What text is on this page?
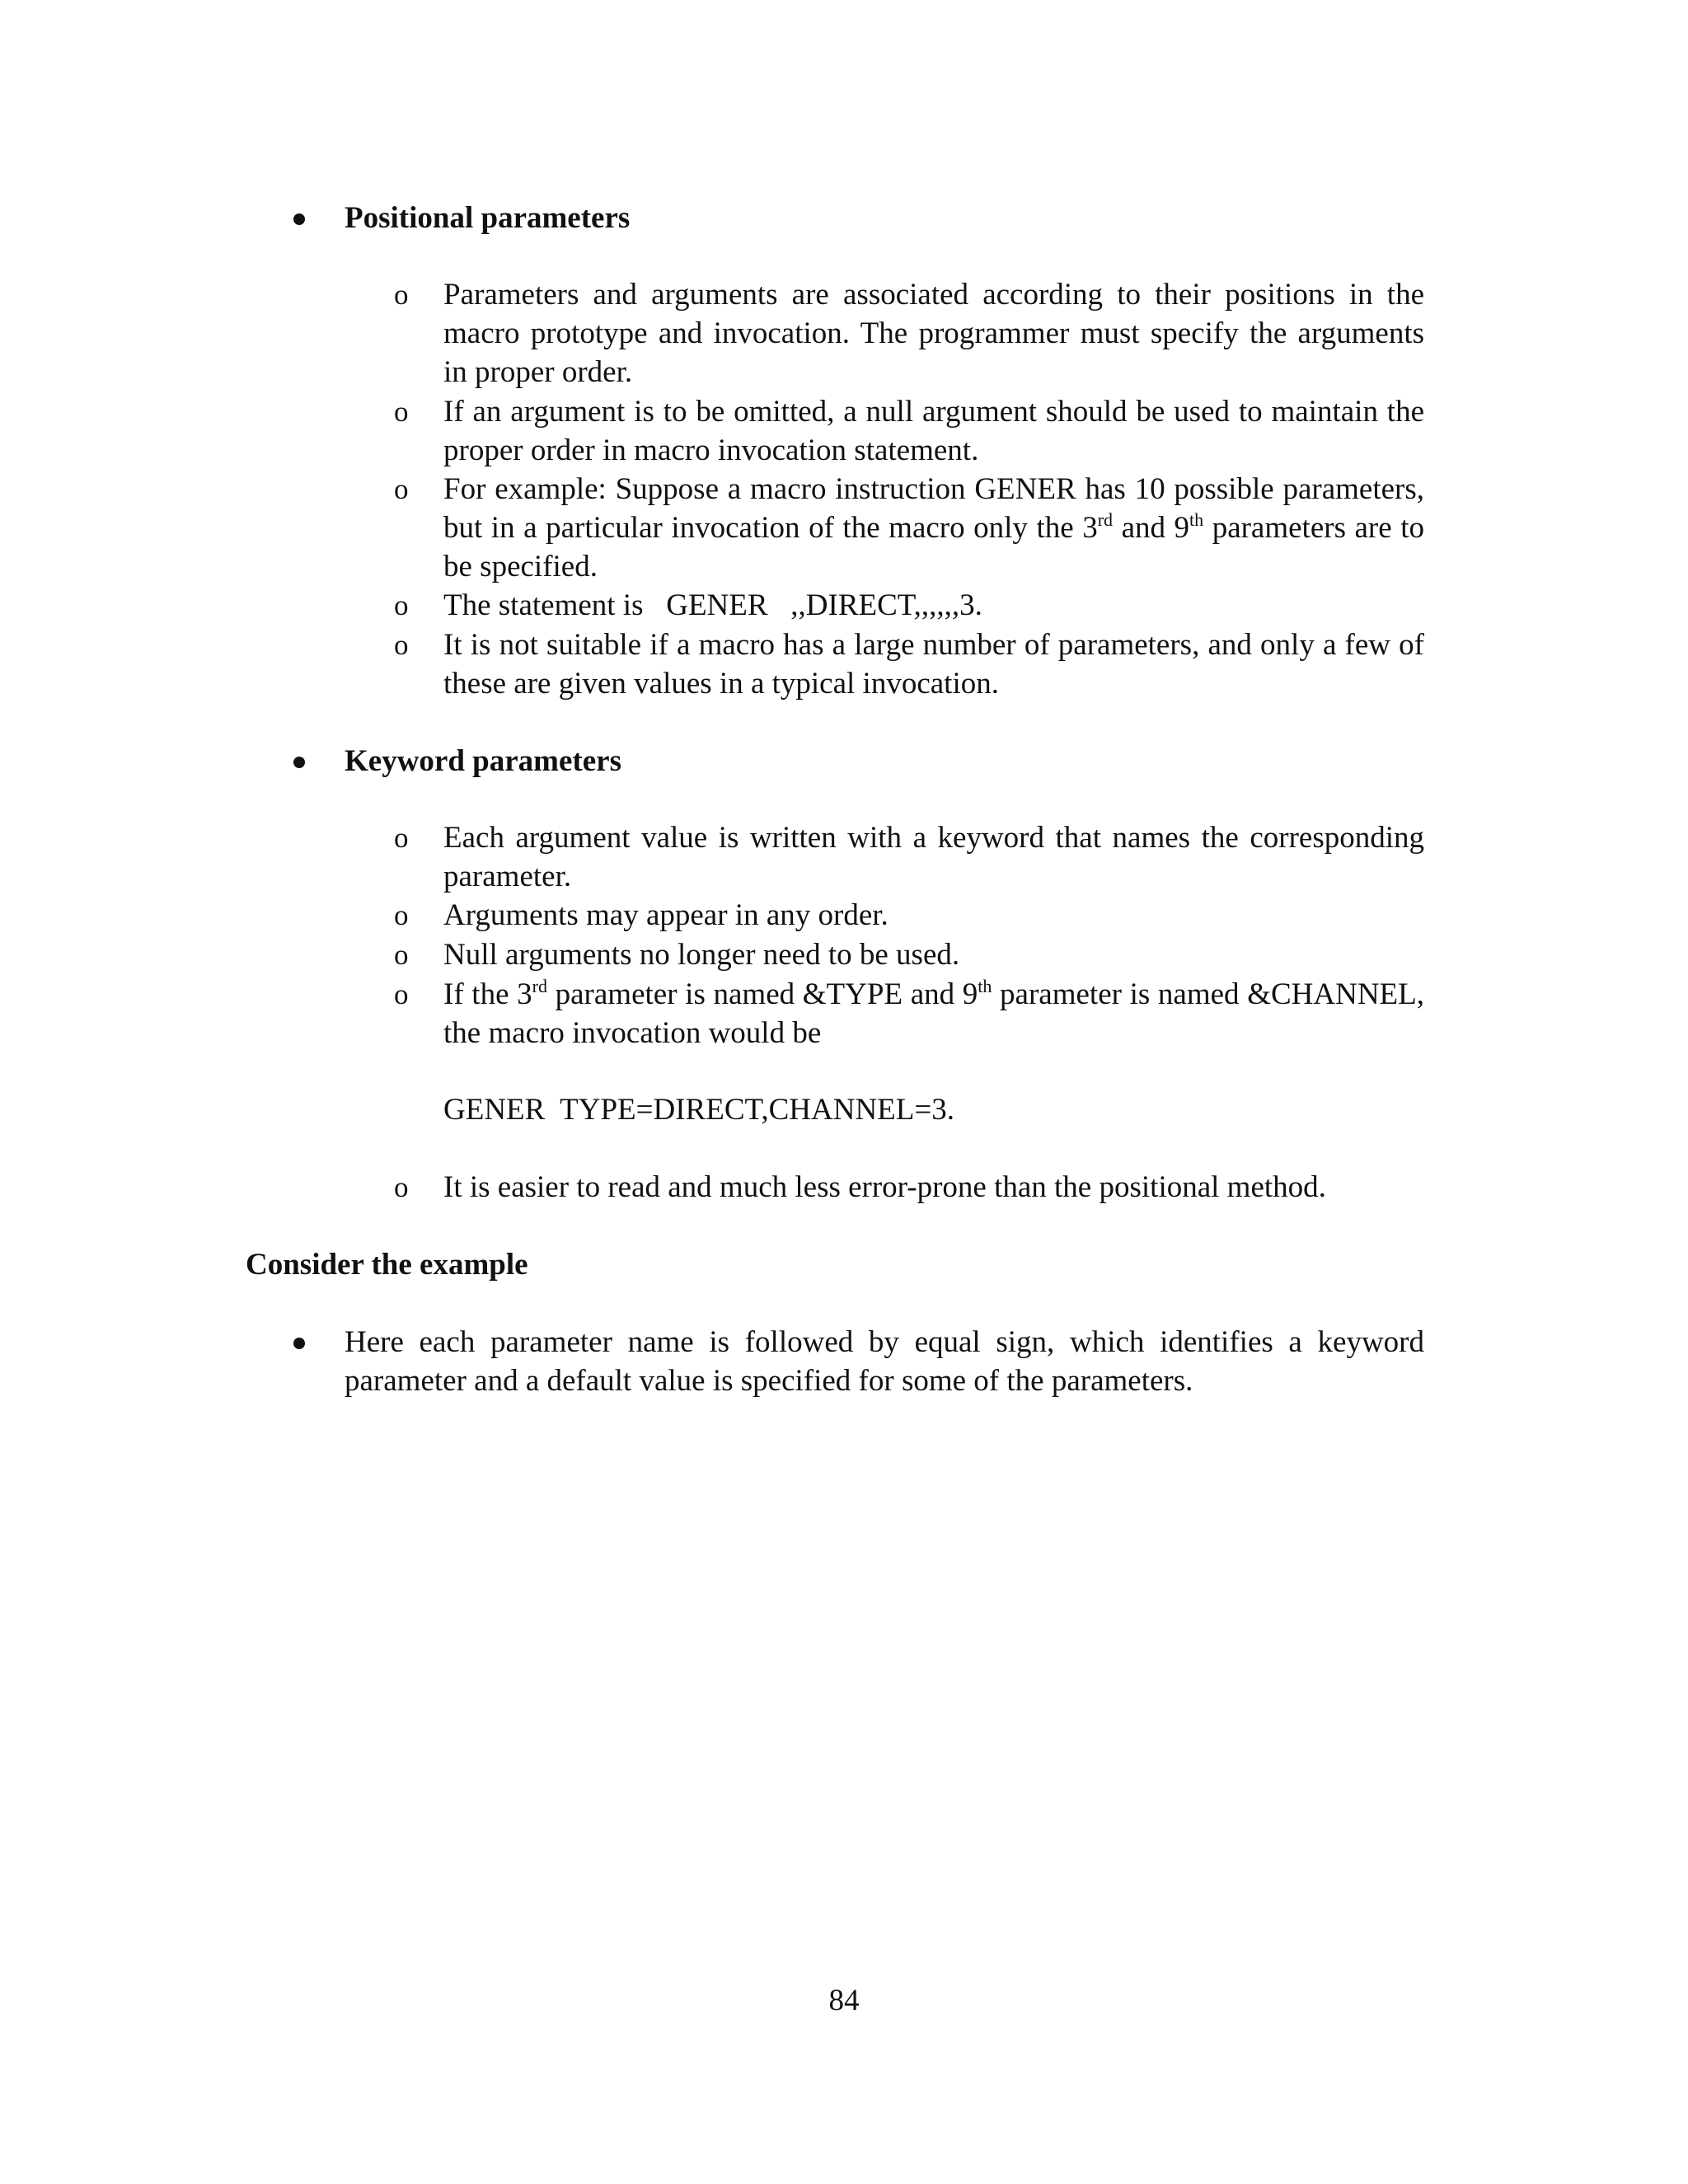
Positional parameters
o Parameters and arguments are associated according to their positions in the macro prototype and invocation. The programmer must specify the arguments in proper order.
o If an argument is to be omitted, a null argument should be used to maintain the proper order in macro invocation statement.
o For example: Suppose a macro instruction GENER has 10 possible parameters, but in a particular invocation of the macro only the 3rd and 9th parameters are to be specified.
o The statement is   GENER   ,,DIRECT,,,,,,3.
o It is not suitable if a macro has a large number of parameters, and only a few of these are given values in a typical invocation.
Keyword parameters
o Each argument value is written with a keyword that names the corresponding parameter.
o Arguments may appear in any order.
o Null arguments no longer need to be used.
o If the 3rd parameter is named &TYPE and 9th parameter is named &CHANNEL, the macro invocation would be
GENER  TYPE=DIRECT,CHANNEL=3.
o It is easier to read and much less error-prone than the positional method.
Consider the example
Here each parameter name is followed by equal sign, which identifies a keyword parameter and a default value is specified for some of the parameters.
84
